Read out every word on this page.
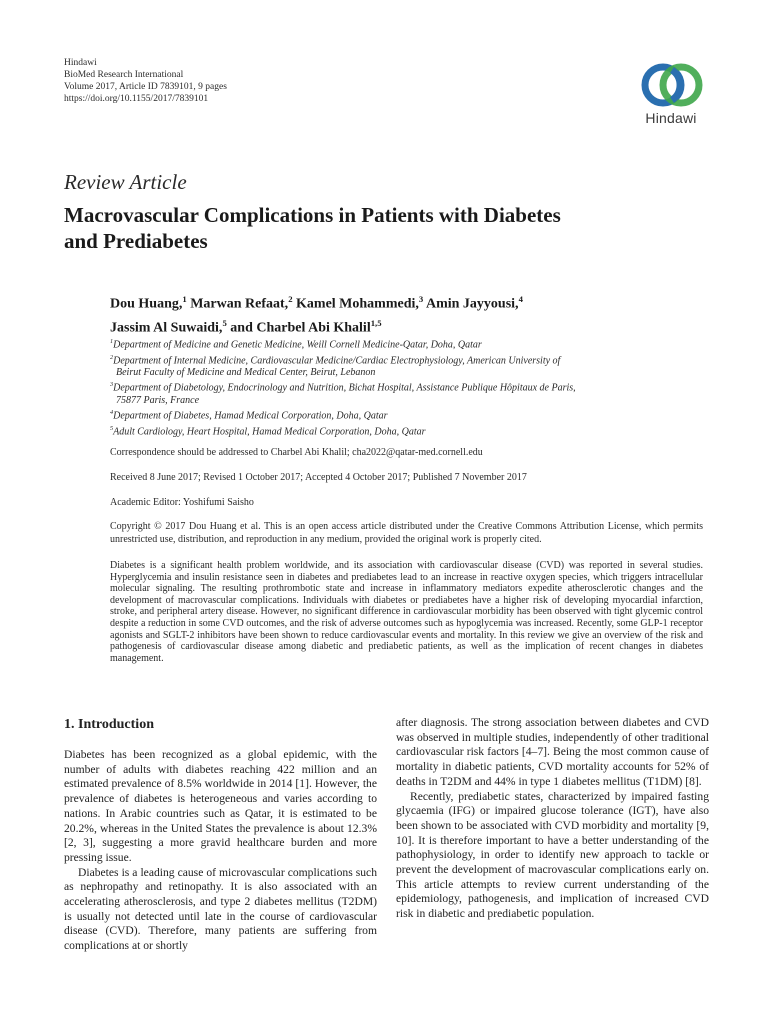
Hindawi
BioMed Research International
Volume 2017, Article ID 7839101, 9 pages
https://doi.org/10.1155/2017/7839101
Hindawi
Review Article
Macrovascular Complications in Patients with Diabetes and Prediabetes
Dou Huang,$^1$ Marwan Refaat,$^2$ Kamel Mohammedi,$^3$ Amin Jayyousi,$^4$
Jassim Al Suwaidi,$^5$ and Charbel Abi Khalil$^{1,5}$

$^1$Department of Medicine and Genetic Medicine, Weill Cornell Medicine-Qatar, Doha, Qatar

$^2$Department of Internal Medicine, Cardiovascular Medicine/Cardiac Electrophysiology, American University of
Beirut Faculty of Medicine and Medical Center, Beirut, Lebanon

$^3$Department of Diabetology, Endocrinology and Nutrition, Bichat Hospital, Assistance Publique Hôpitaux de Paris,
75877 Paris, France

$^4$Department of Diabetes, Hamad Medical Corporation, Doha, Qatar

$^5$Adult Cardiology, Heart Hospital, Hamad Medical Corporation, Doha, Qatar

Correspondence should be addressed to Charbel Abi Khalil; cha2022@qatar-med.cornell.edu
Received 8 June 2017; Revised 1 October 2017; Accepted 4 October 2017; Published 7 November 2017
Academic Editor: Yoshifumi Saisho
Copyright © 2017 Dou Huang et al. This is an open access article distributed under the Creative Commons Attribution License, which permits unrestricted use, distribution, and reproduction in any medium, provided the original work is properly cited.

Diabetes is a significant health problem worldwide, and its association with cardiovascular disease (CVD) was reported in several studies. Hyperglycemia and insulin resistance seen in diabetes and prediabetes lead to an increase in reactive oxygen species, which triggers intracellular molecular signaling. The resulting prothrombotic state and increase in inflammatory mediators expedite atherosclerotic changes and the development of macrovascular complications. Individuals with diabetes or prediabetes have a higher risk of developing myocardial infarction, stroke, and peripheral artery disease. However, no significant difference in cardiovascular morbidity has been observed with tight glycemic control despite a reduction in some CVD outcomes, and the risk of adverse outcomes such as hypoglycemia was increased. Recently, some GLP-1 receptor agonists and SGLT-2 inhibitors have been shown to reduce cardiovascular events and mortality. In this review we give an overview of the risk and pathogenesis of cardiovascular disease among diabetic and prediabetic patients, as well as the implication of recent changes in diabetes management.

1. Introduction

Diabetes has been recognized as a global epidemic, with the number of adults with diabetes reaching 422 million and an estimated prevalence of 8.5% worldwide in 2014 [1]. However, the prevalence of diabetes is heterogeneous and varies according to nations. In Arabic countries such as Qatar, it is estimated to be 20.2%, whereas in the United States the prevalence is about 12.3% [2, 3], suggesting a more gravid healthcare burden and more pressing issue.

Diabetes is a leading cause of microvascular complications such as nephropathy and retinopathy. It is also associated with an accelerating atherosclerosis, and type 2 diabetes mellitus (T2DM) is usually not detected until late in the course of cardiovascular disease (CVD). Therefore, many patients are suffering from complications at or shortly

after diagnosis. The strong association between diabetes and CVD was observed in multiple studies, independently of other traditional cardiovascular risk factors [4–7]. Being the most common cause of mortality in diabetic patients, CVD mortality accounts for 52% of deaths in T2DM and 44% in type 1 diabetes mellitus (T1DM) [8].

Recently, prediabetic states, characterized by impaired fasting glycaemia (IFG) or impaired glucose tolerance (IGT), have also been shown to be associated with CVD morbidity and mortality [9, 10]. It is therefore important to have a better understanding of the pathophysiology, in order to identify new approach to tackle or prevent the development of macrovascular complications early on. This article attempts to review current understanding of the epidemiology, pathogenesis, and implication of increased CVD risk in diabetic and prediabetic population.
